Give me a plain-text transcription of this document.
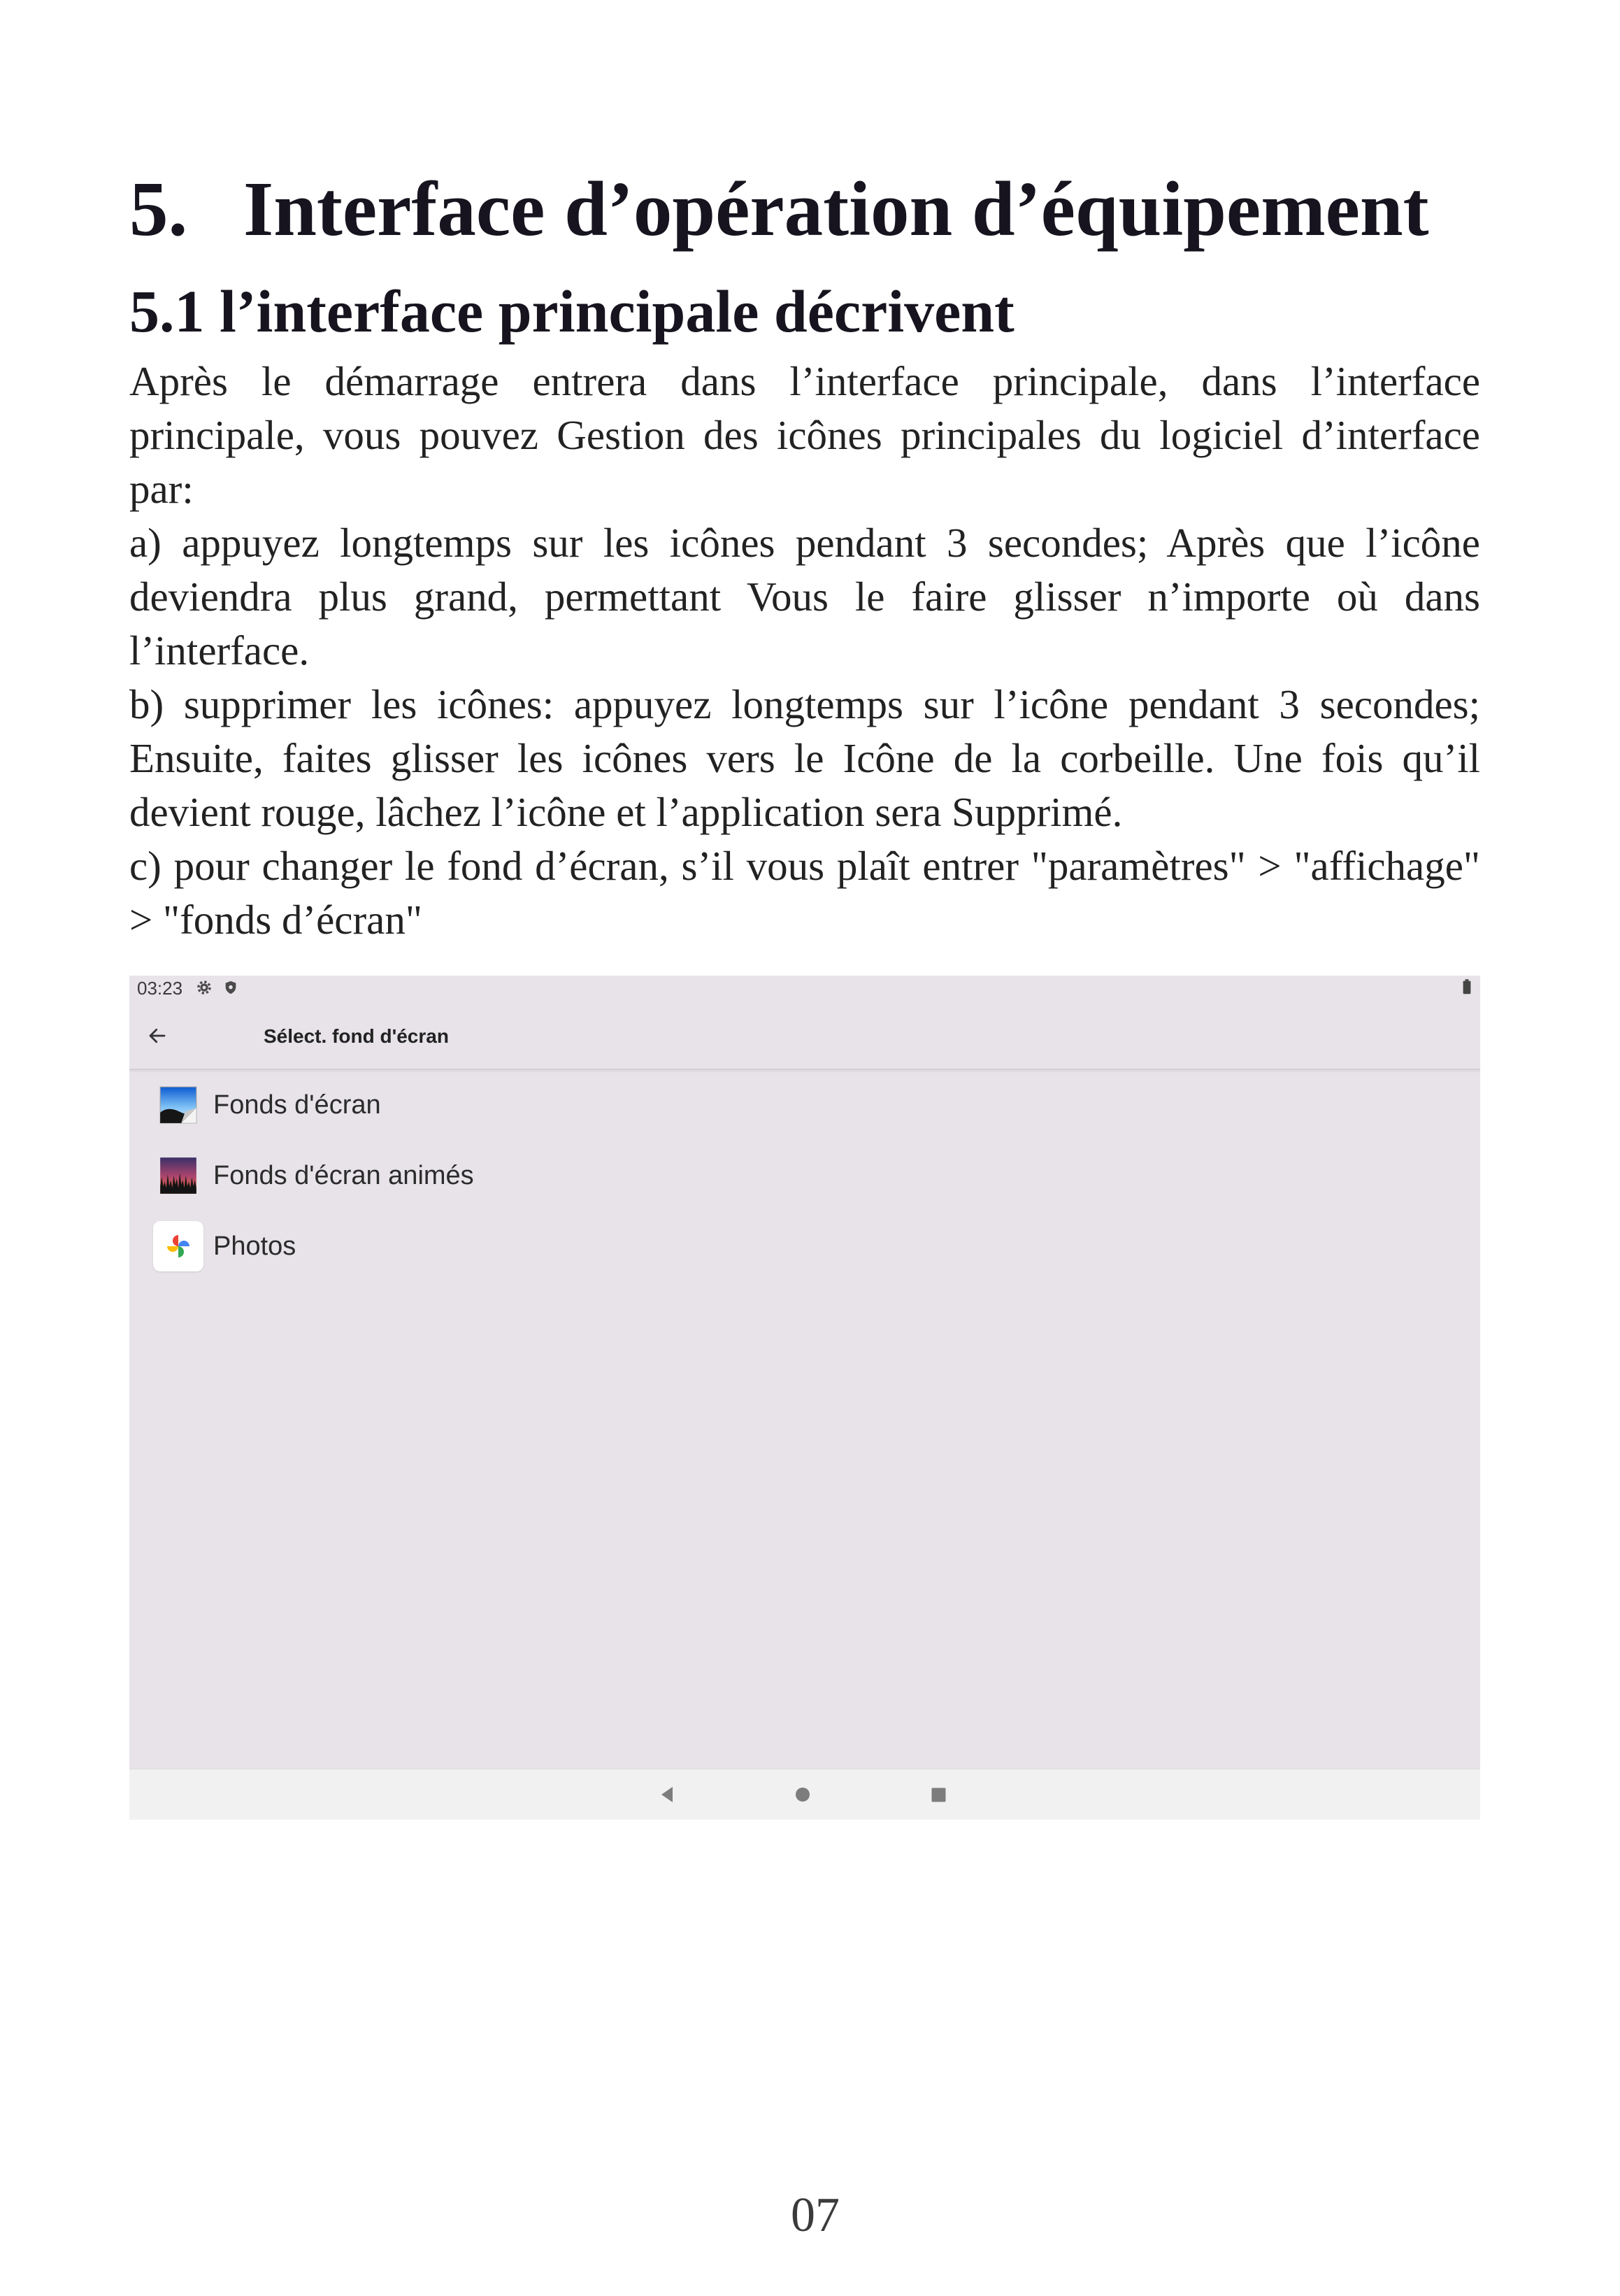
5. Interface d’opération d’équipement
5.1 l’interface principale décrivent
Après le démarrage entrera dans l’interface principale, dans l’interface
principale, vous pouvez Gestion des icônes principales du logiciel d’interface
par:
a) appuyez longtemps sur les icônes pendant 3 secondes; Après que l’icône
deviendra plus grand, permettant Vous le faire glisser n’importe où dans
l’interface.
b) supprimer les icônes: appuyez longtemps sur l’icône pendant 3 secondes;
Ensuite, faites glisser les icônes vers le Icône de la corbeille. Une fois qu’il
devient rouge, lâchez l’icône et l’application sera Supprimé.
c) pour changer le fond d’écran, s’il vous plaît entrer "paramètres" > "affichage"
> "fonds d’écran"
03:23
Sélect. fond d'écran
Fonds d'écran
Fonds d'écran animés
Photos
07
